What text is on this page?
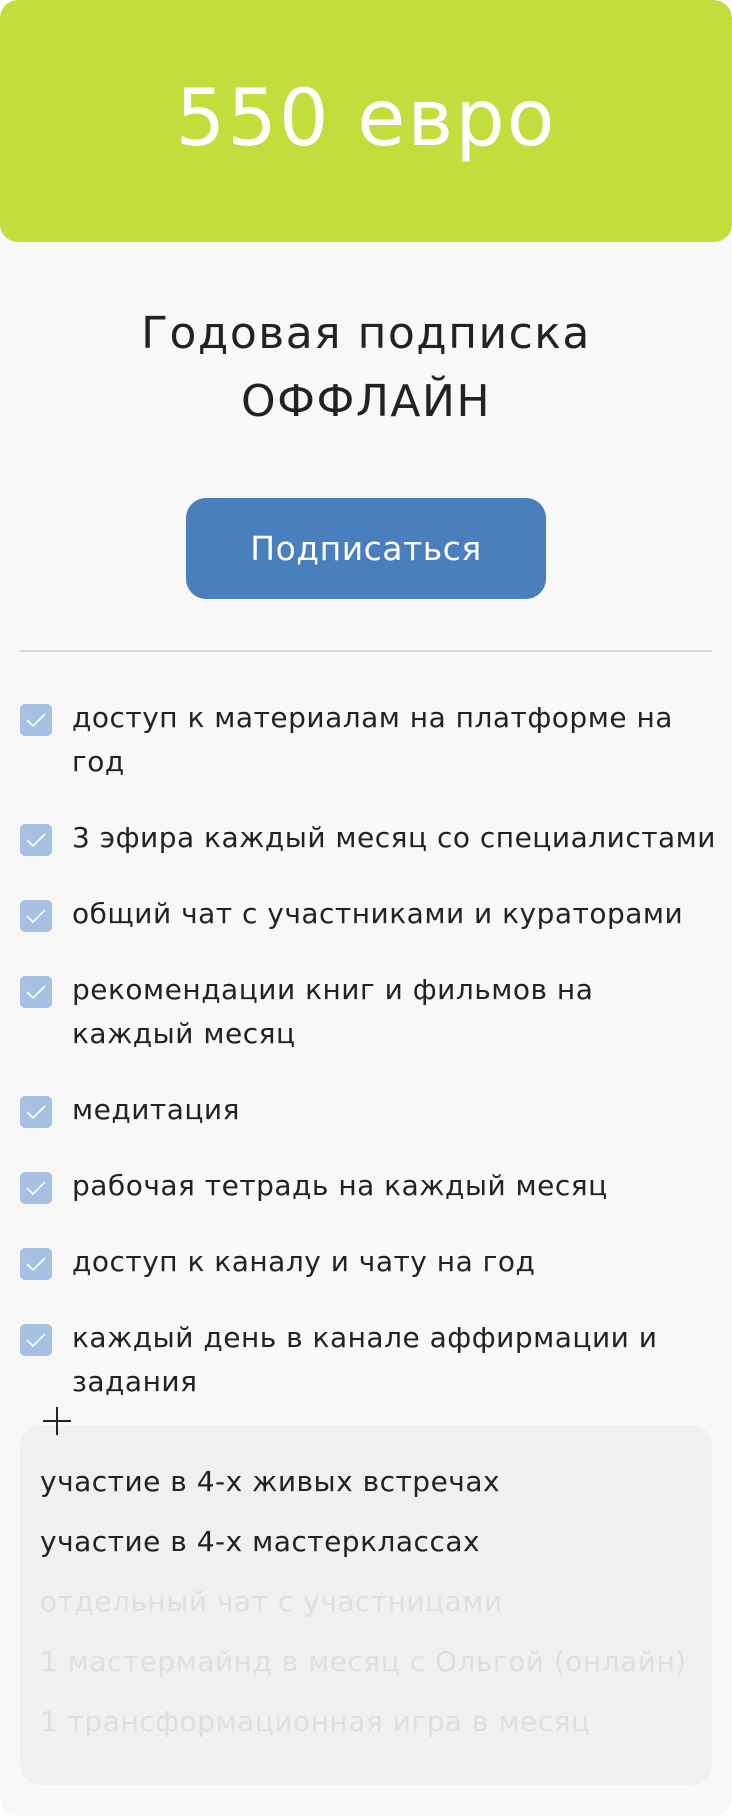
550 евро
Годовая подписка
ОФФЛАЙН
Подписаться
доступ к материалам на платформе на год
3 эфира каждый месяц со специалистами
общий чат с участниками и кураторами
рекомендации книг и фильмов на каждый месяц
медитация
рабочая тетрадь на каждый месяц
доступ к каналу и чату на год
каждый день в канале аффирмации и задания
участие в 4-х живых встречах
участие в 4-х мастерклассах
отдельный чат с участницами
1 мастермайнд в месяц с Ольгой (онлайн)
1 трансформационная игра в месяц
